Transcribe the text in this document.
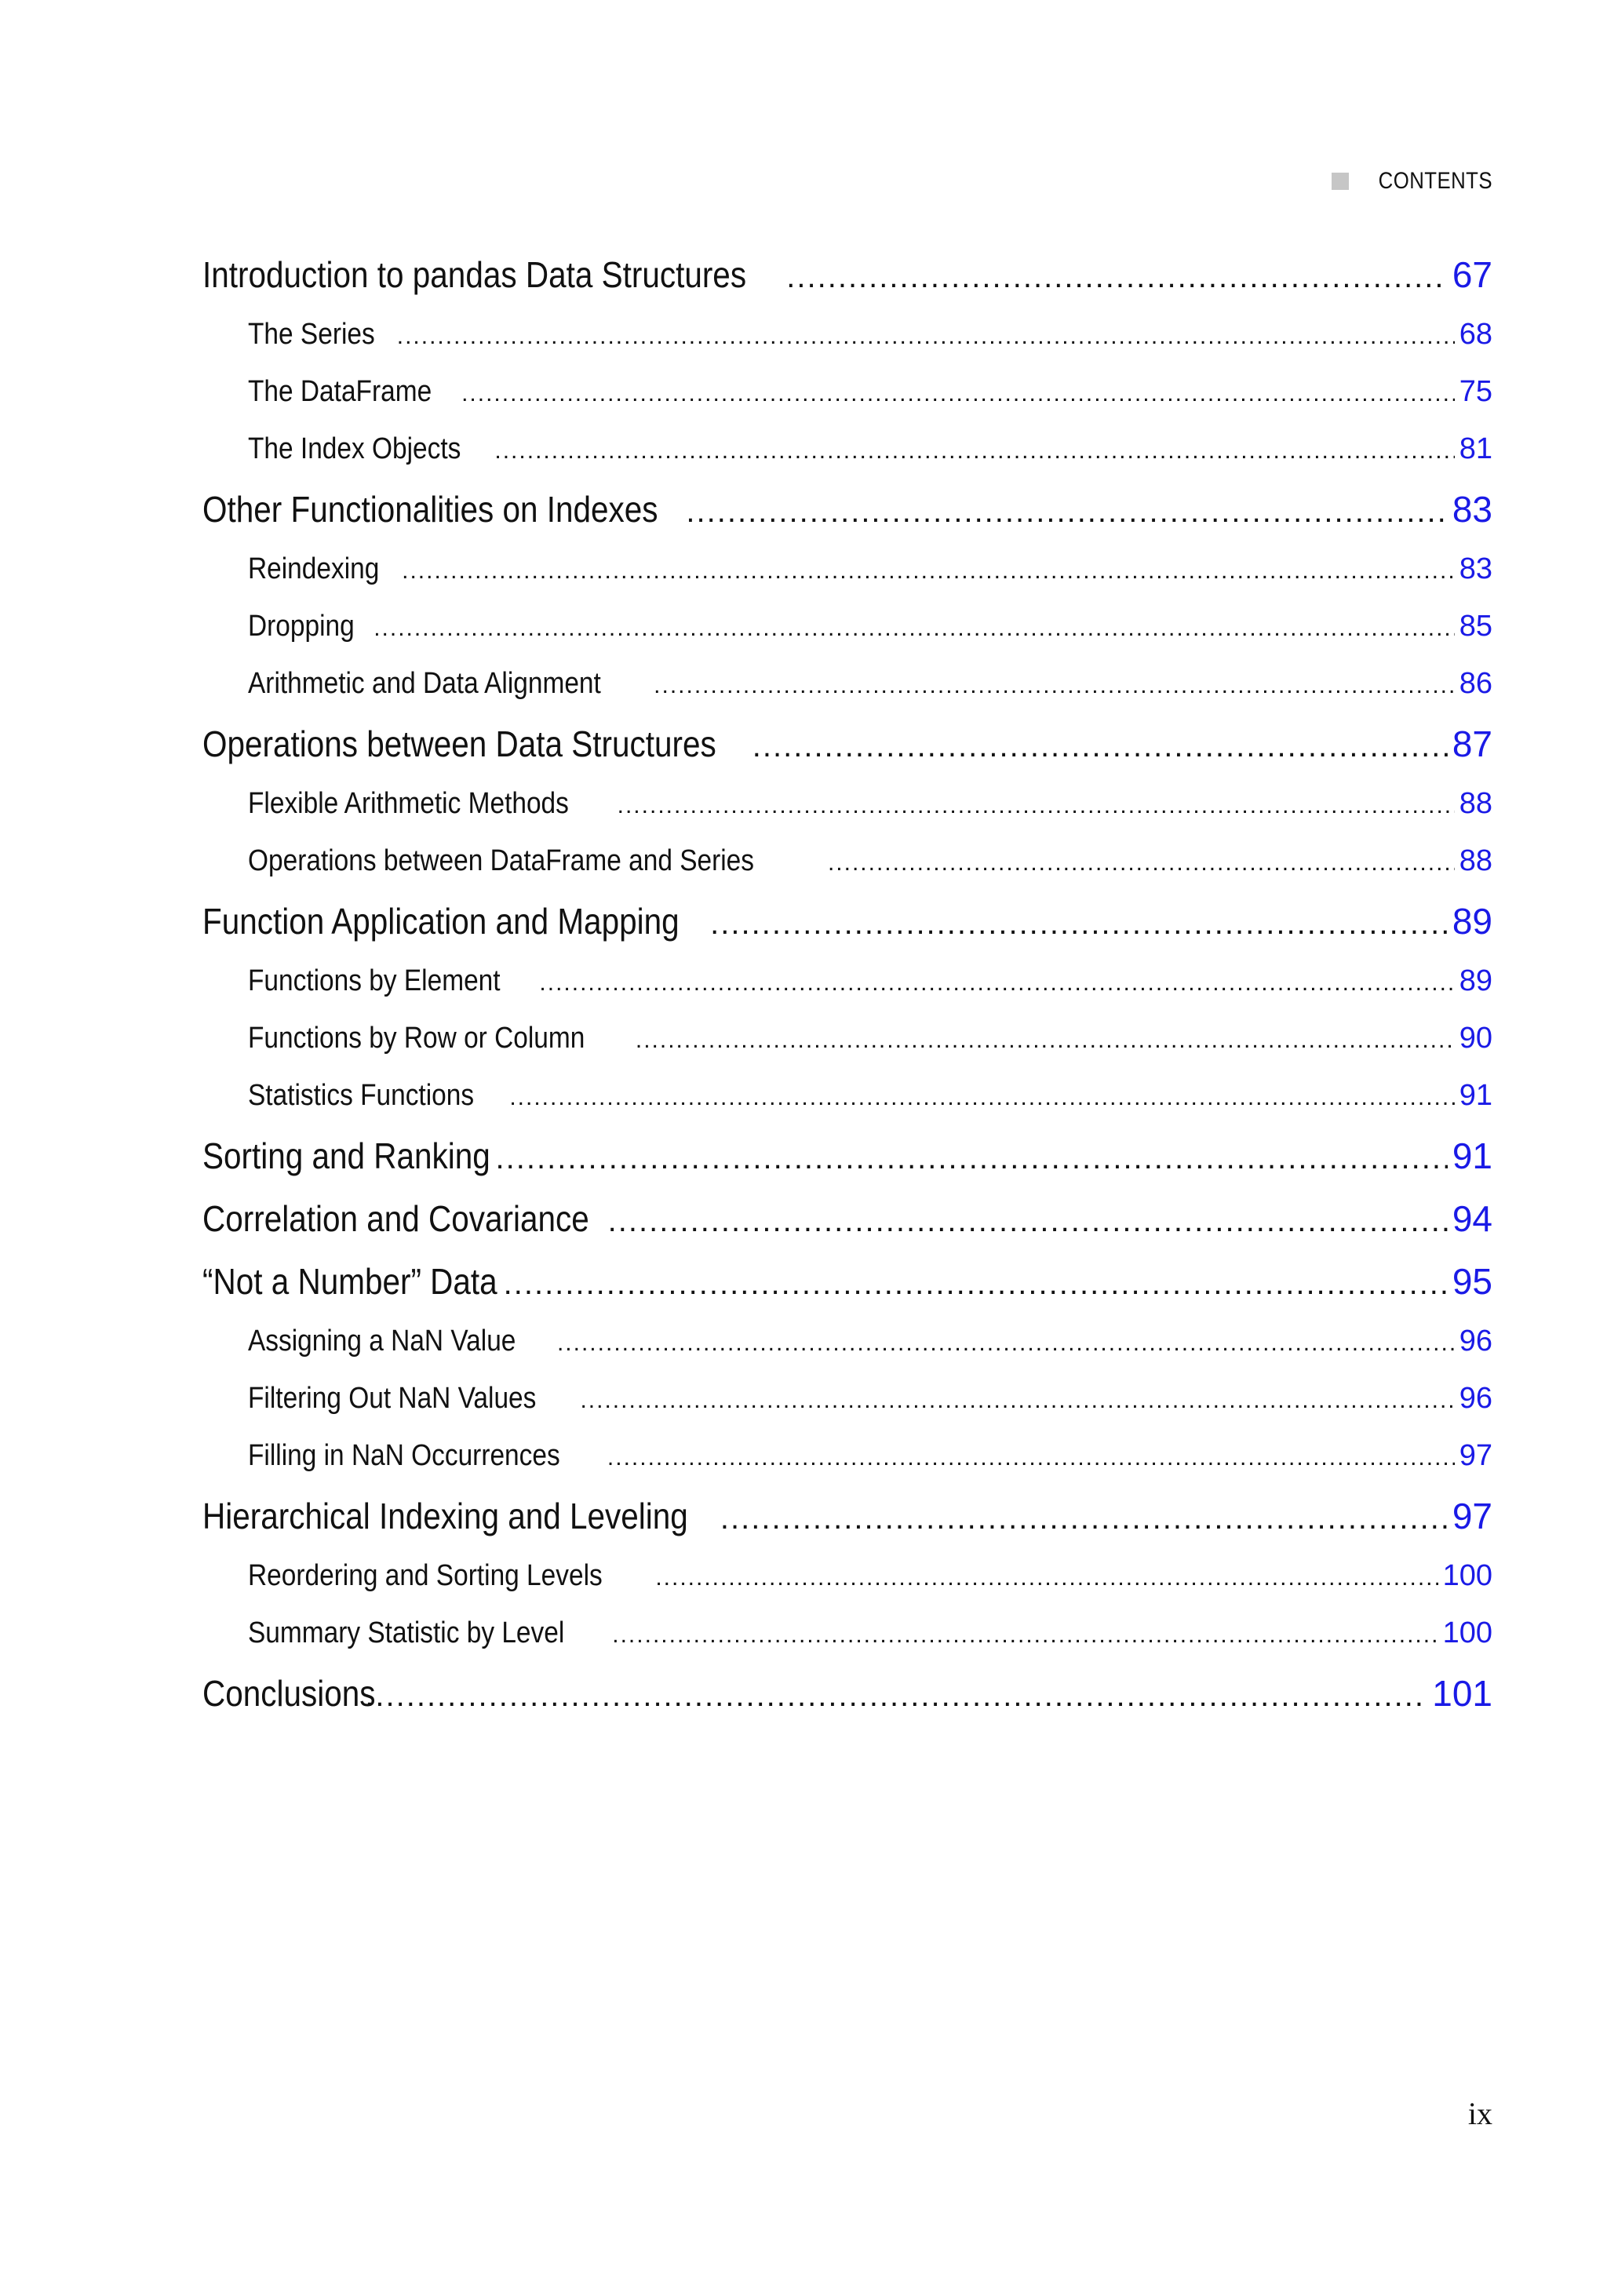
CONTENTS
Introduction to pandas Data Structures .....	67
The Series .....	68
The DataFrame .....	75
The Index Objects .....	81
Other Functionalities on Indexes .....	83
Reindexing .....	83
Dropping .....	85
Arithmetic and Data Alignment .....	86
Operations between Data Structures .....	87
Flexible Arithmetic Methods .....	88
Operations between DataFrame and Series .....	88
Function Application and Mapping .....	89
Functions by Element .....	89
Functions by Row or Column .....	90
Statistics Functions .....	91
Sorting and Ranking .....	91
Correlation and Covariance .....	94
“Not a Number” Data .....	95
Assigning a NaN Value .....	96
Filtering Out NaN Values .....	96
Filling in NaN Occurrences .....	97
Hierarchical Indexing and Leveling .....	97
Reordering and Sorting Levels .....	100
Summary Statistic by Level .....	100
Conclusions .....	101
ix
